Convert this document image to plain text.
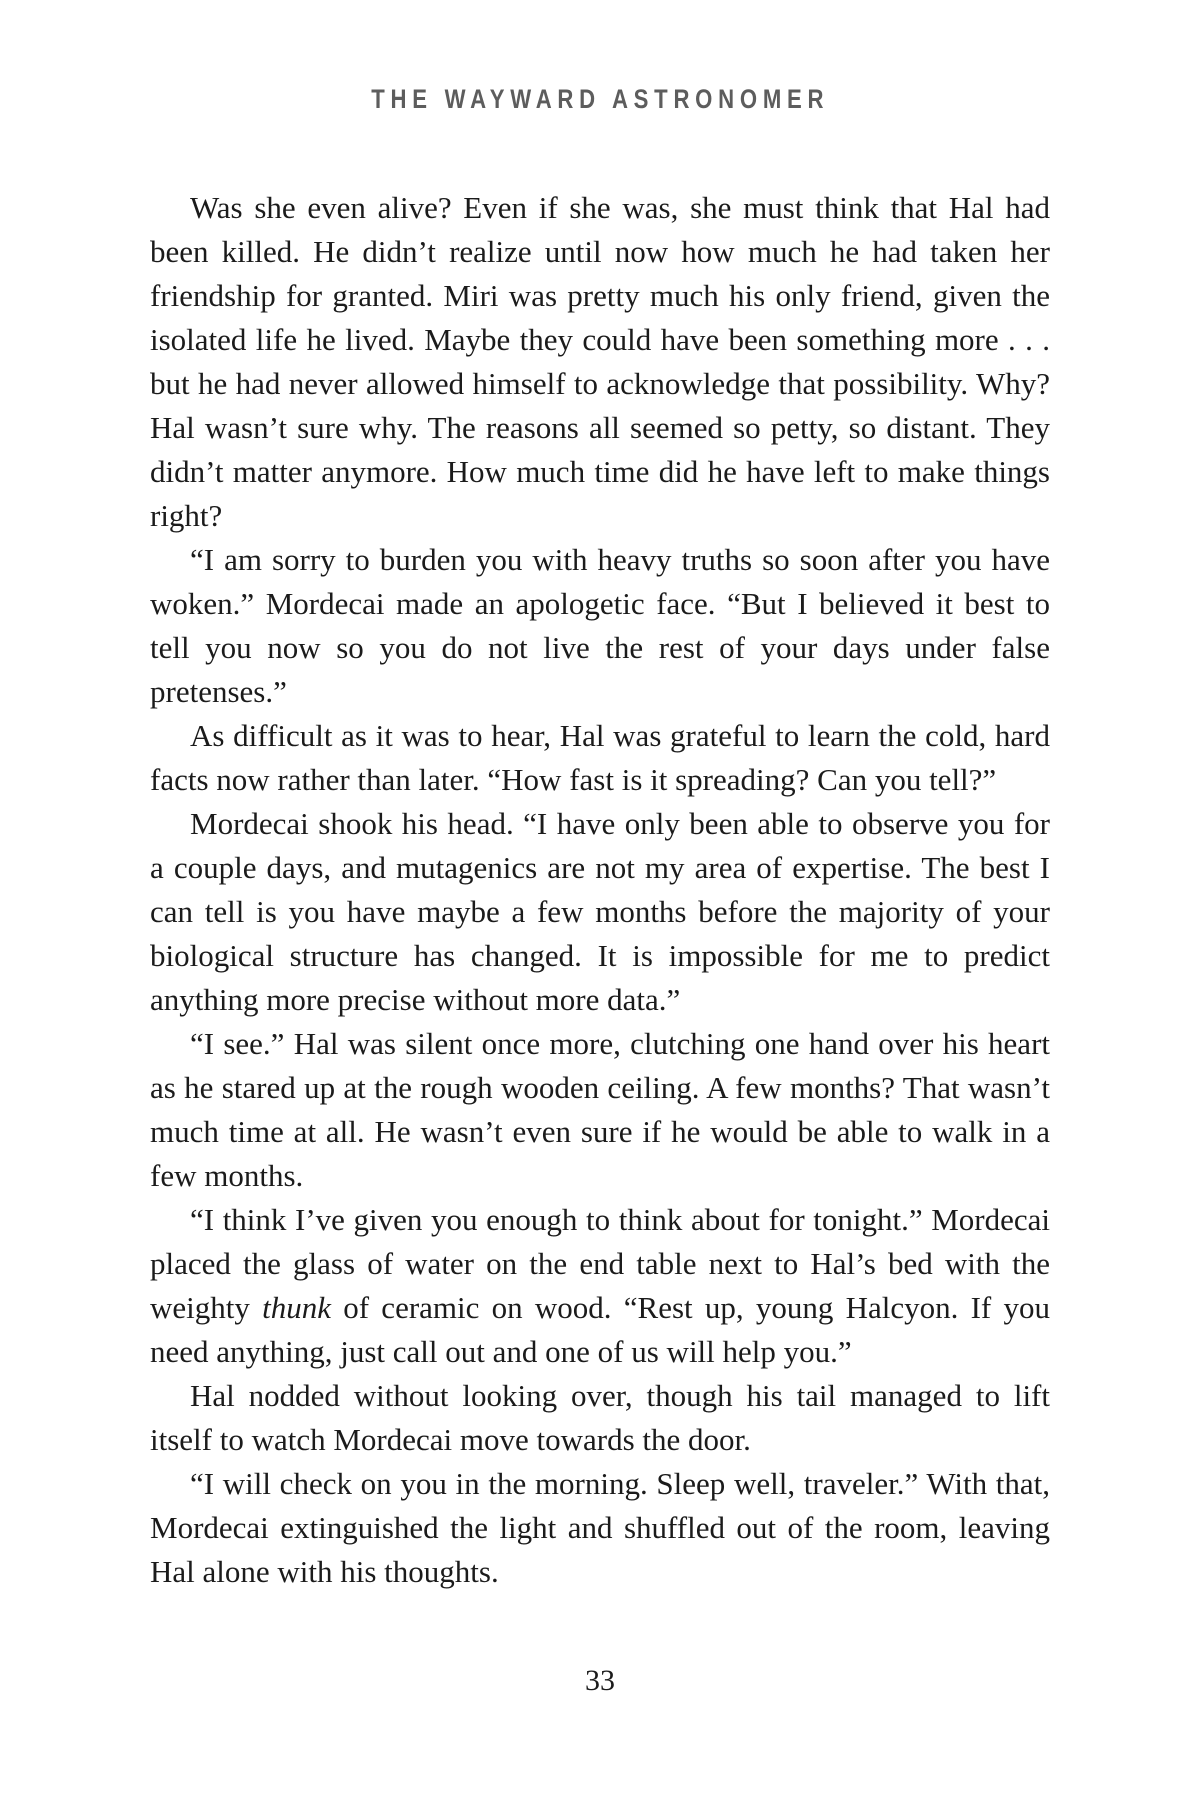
THE WAYWARD ASTRONOMER

Was she even alive? Even if she was, she must think that Hal had been killed. He didn’t realize until now how much he had taken her friendship for granted. Miri was pretty much his only friend, given the isolated life he lived. Maybe they could have been something more . . . but he had never allowed himself to acknowledge that possibility. Why? Hal wasn’t sure why. The reasons all seemed so petty, so distant. They didn’t matter anymore. How much time did he have left to make things right?

“I am sorry to burden you with heavy truths so soon after you have woken.” Mordecai made an apologetic face. “But I believed it best to tell you now so you do not live the rest of your days under false pretenses.”

As difficult as it was to hear, Hal was grateful to learn the cold, hard facts now rather than later. “How fast is it spreading? Can you tell?”

Mordecai shook his head. “I have only been able to observe you for a couple days, and mutagenics are not my area of expertise. The best I can tell is you have maybe a few months before the majority of your biological structure has changed. It is impossible for me to predict anything more precise without more data.”

“I see.” Hal was silent once more, clutching one hand over his heart as he stared up at the rough wooden ceiling. A few months? That wasn’t much time at all. He wasn’t even sure if he would be able to walk in a few months.

“I think I’ve given you enough to think about for tonight.” Mordecai placed the glass of water on the end table next to Hal’s bed with the weighty thunk of ceramic on wood. “Rest up, young Halcyon. If you need anything, just call out and one of us will help you.”

Hal nodded without looking over, though his tail managed to lift itself to watch Mordecai move towards the door.

“I will check on you in the morning. Sleep well, traveler.” With that, Mordecai extinguished the light and shuffled out of the room, leaving Hal alone with his thoughts.

33
